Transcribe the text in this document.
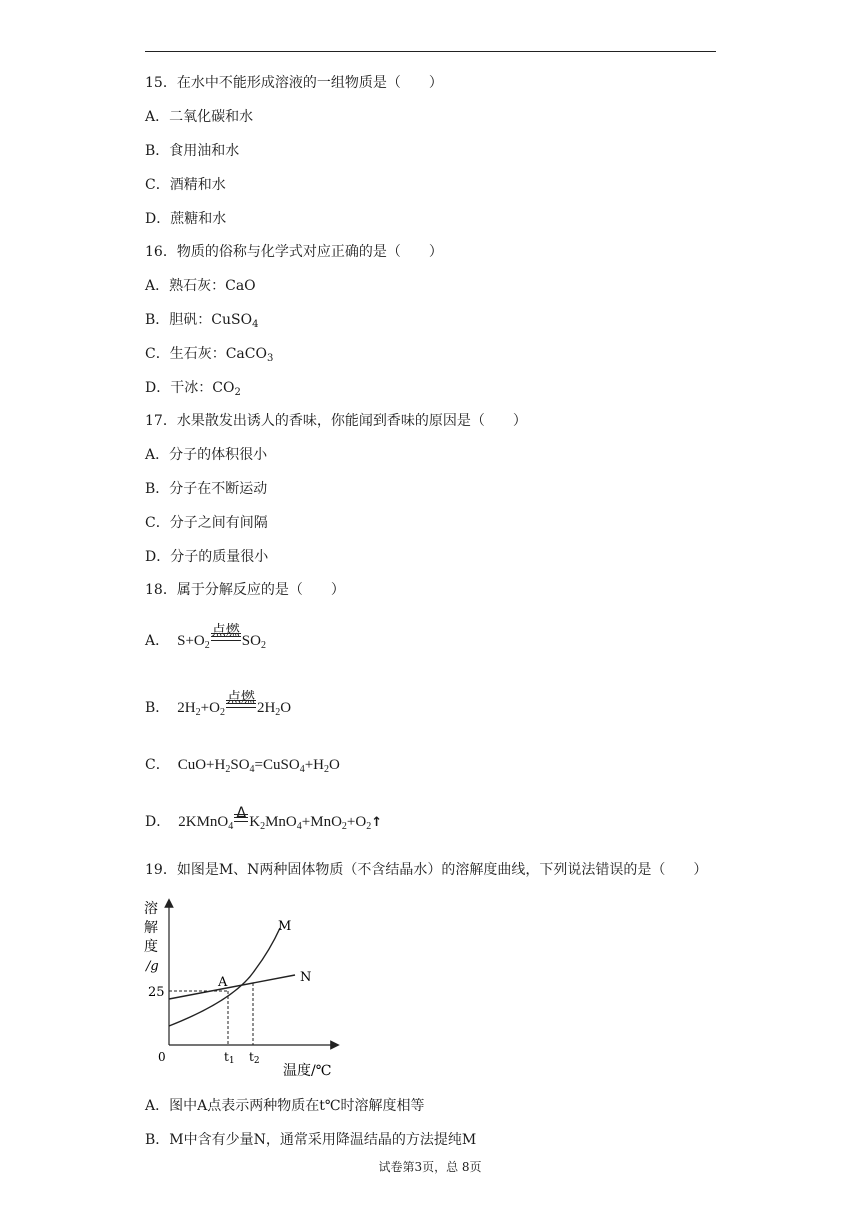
15．在水中不能形成溶液的一组物质是（　　）
A．二氧化碳和水
B．食用油和水
C．酒精和水
D．蔗糖和水
16．物质的俗称与化学式对应正确的是（　　）
A．熟石灰：CaO
B．胆矾：CuSO$_4$
C．生石灰：CaCO$_3$
D．干冰：$CO_2$
17．水果散发出诱人的香味，你能闻到香味的原因是（　　）
A．分子的体积很小
B．分子在不断运动
C．分子之间有间隔
D．分子的质量很小
18．属于分解反应的是（　　）
A． $S+O_2$
点燃
$SO_2$
B． $2H_2+O_2$
点燃
$2H_2O$
C． $CuO+H_2SO_4=CuSO_4+H_2O$
D． 2KMnO$_4$
Δ
$K_2MnO_4+MnO_2+O_2↑$
19．如图是M、N两种固体物质（不含结晶水）的溶解度曲线，下列说法错误的是（　　）
溶
解
度
/g
25
0	t1 t2
温度/℃
M
N
A
A．图中A点表示两种物质在t℃时溶解度相等
B．M中含有少量N，通常采用降温结晶的方法提纯M
试卷第3页，总 8页
